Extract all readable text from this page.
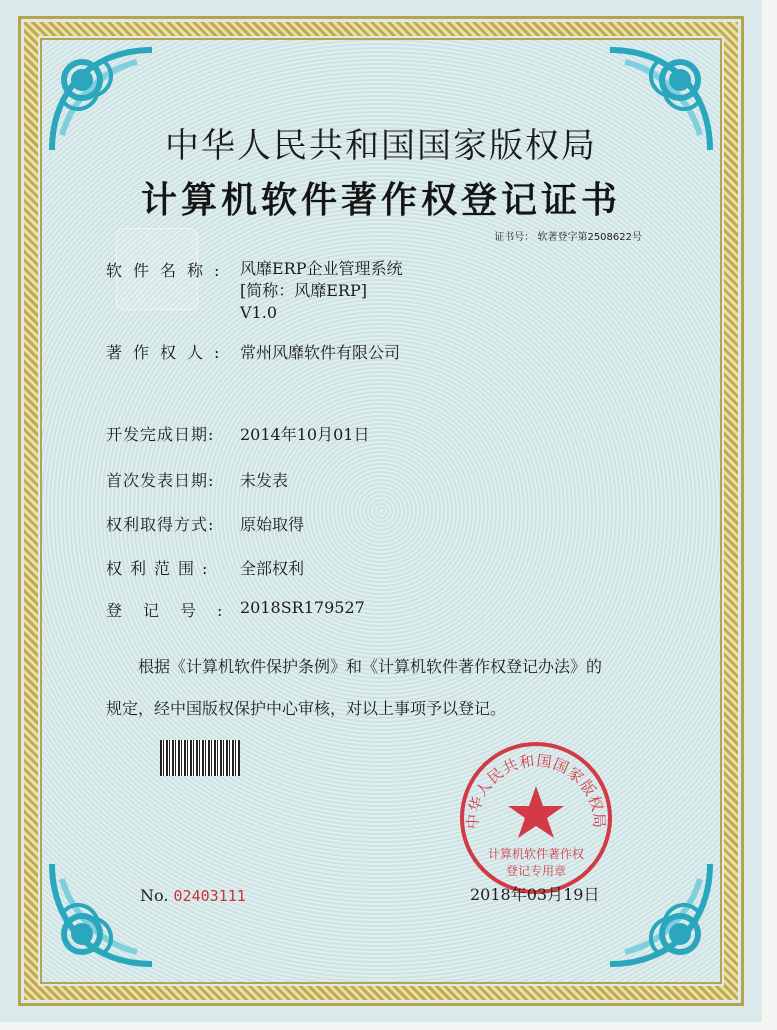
中华人民共和国国家版权局
计算机软件著作权登记证书
证书号： 软著登字第2508622号
软件名称: 风靡ERP企业管理系统
[简称：风靡ERP]
V1.0
著作权人: 常州风靡软件有限公司
开发完成日期: 2014年10月01日
首次发表日期: 未发表
权利取得方式: 原始取得
权利范围: 全部权利
登记号:2018SR179527
根据《计算机软件保护条例》和《计算机软件著作权登记办法》的
规定，经中国版权保护中心审核，对以上事项予以登记。
No. 02403111
中华人民共和国国家版权局
计算机软件著作权
登记专用章
2018年03月19日
